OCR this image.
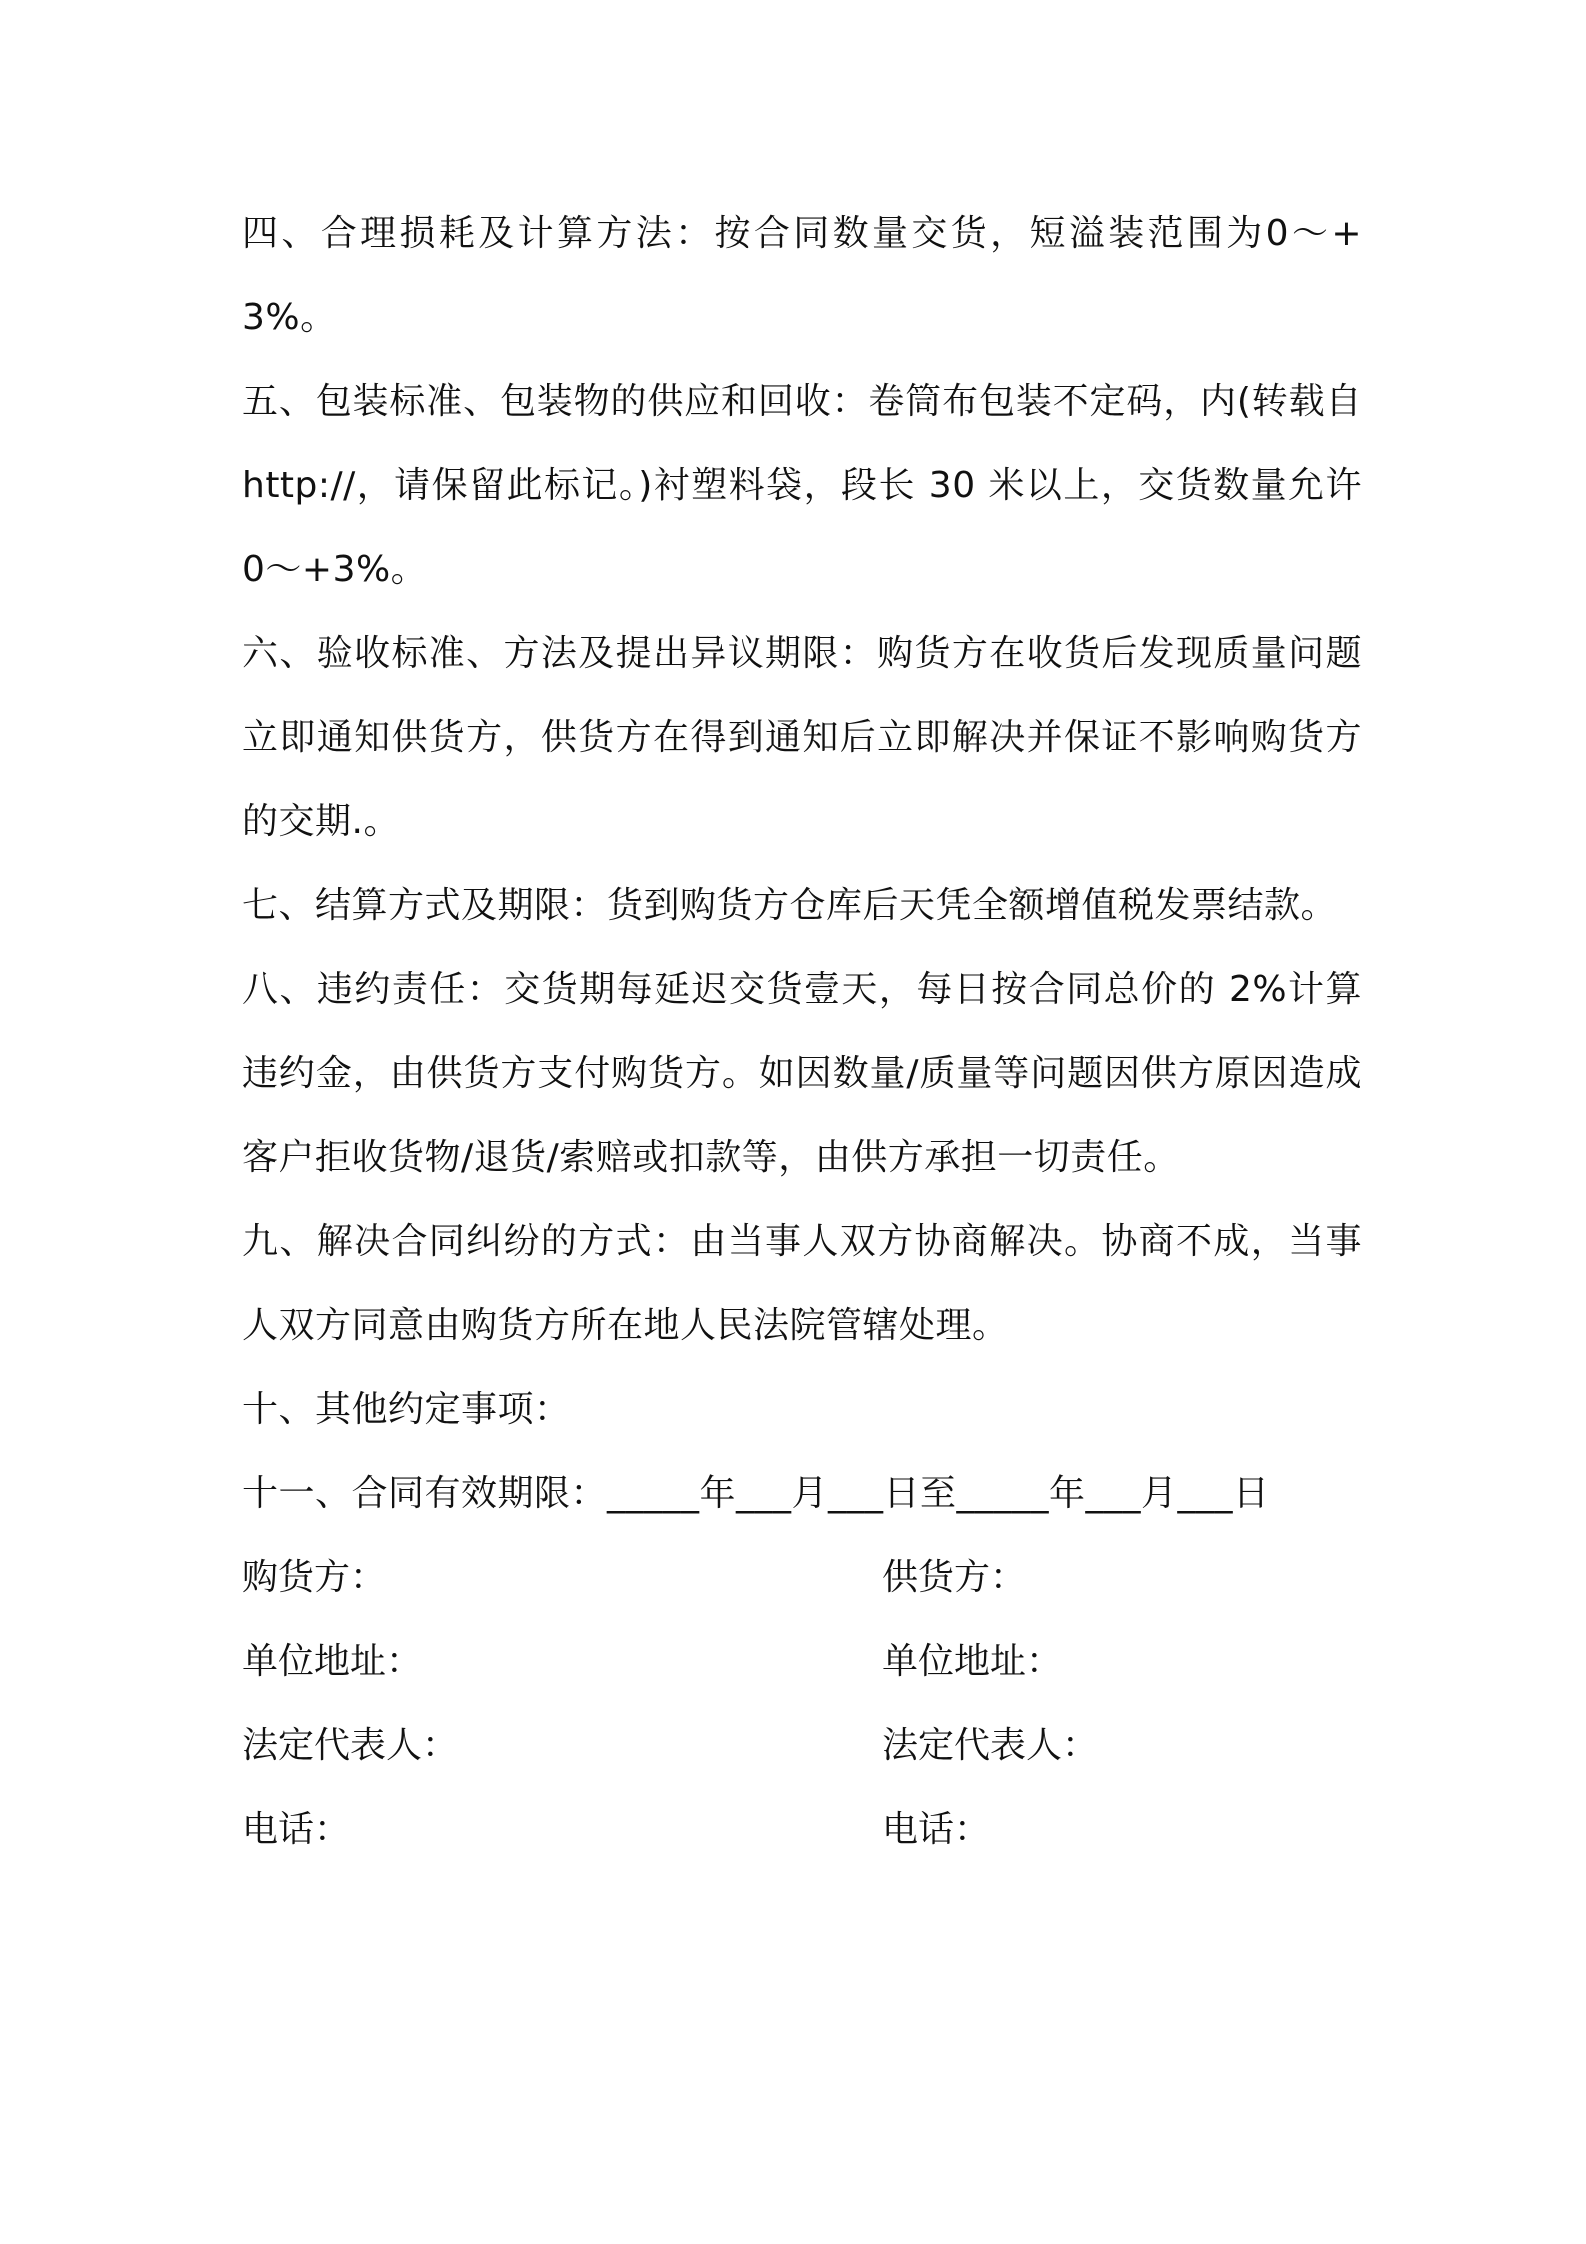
四、合理损耗及计算方法：按合同数量交货，短溢装范围为0～+3%。

五、包装标准、包装物的供应和回收：卷筒布包装不定码，内(转载自 http://，请保留此标记。)衬塑料袋，段长 30 米以上，交货数量允许 0～+3%。

六、验收标准、方法及提出异议期限：购货方在收货后发现质量问题立即通知供货方，供货方在得到通知后立即解决并保证不影响购货方的交期.。

七、结算方式及期限：货到购货方仓库后天凭全额增值税发票结款。

八、违约责任：交货期每延迟交货壹天，每日按合同总价的 2%计算违约金，由供货方支付购货方。如因数量/质量等问题因供方原因造成客户拒收货物/退货/索赔或扣款等，由供方承担一切责任。

九、解决合同纠纷的方式：由当事人双方协商解决。协商不成，当事人双方同意由购货方所在地人民法院管辖处理。

十、其他约定事项：

十一、合同有效期限：_____年___月___日至_____年___月___日

购货方：	供货方：
单位地址：	单位地址：
法定代表人：	法定代表人：
电话：	电话：
